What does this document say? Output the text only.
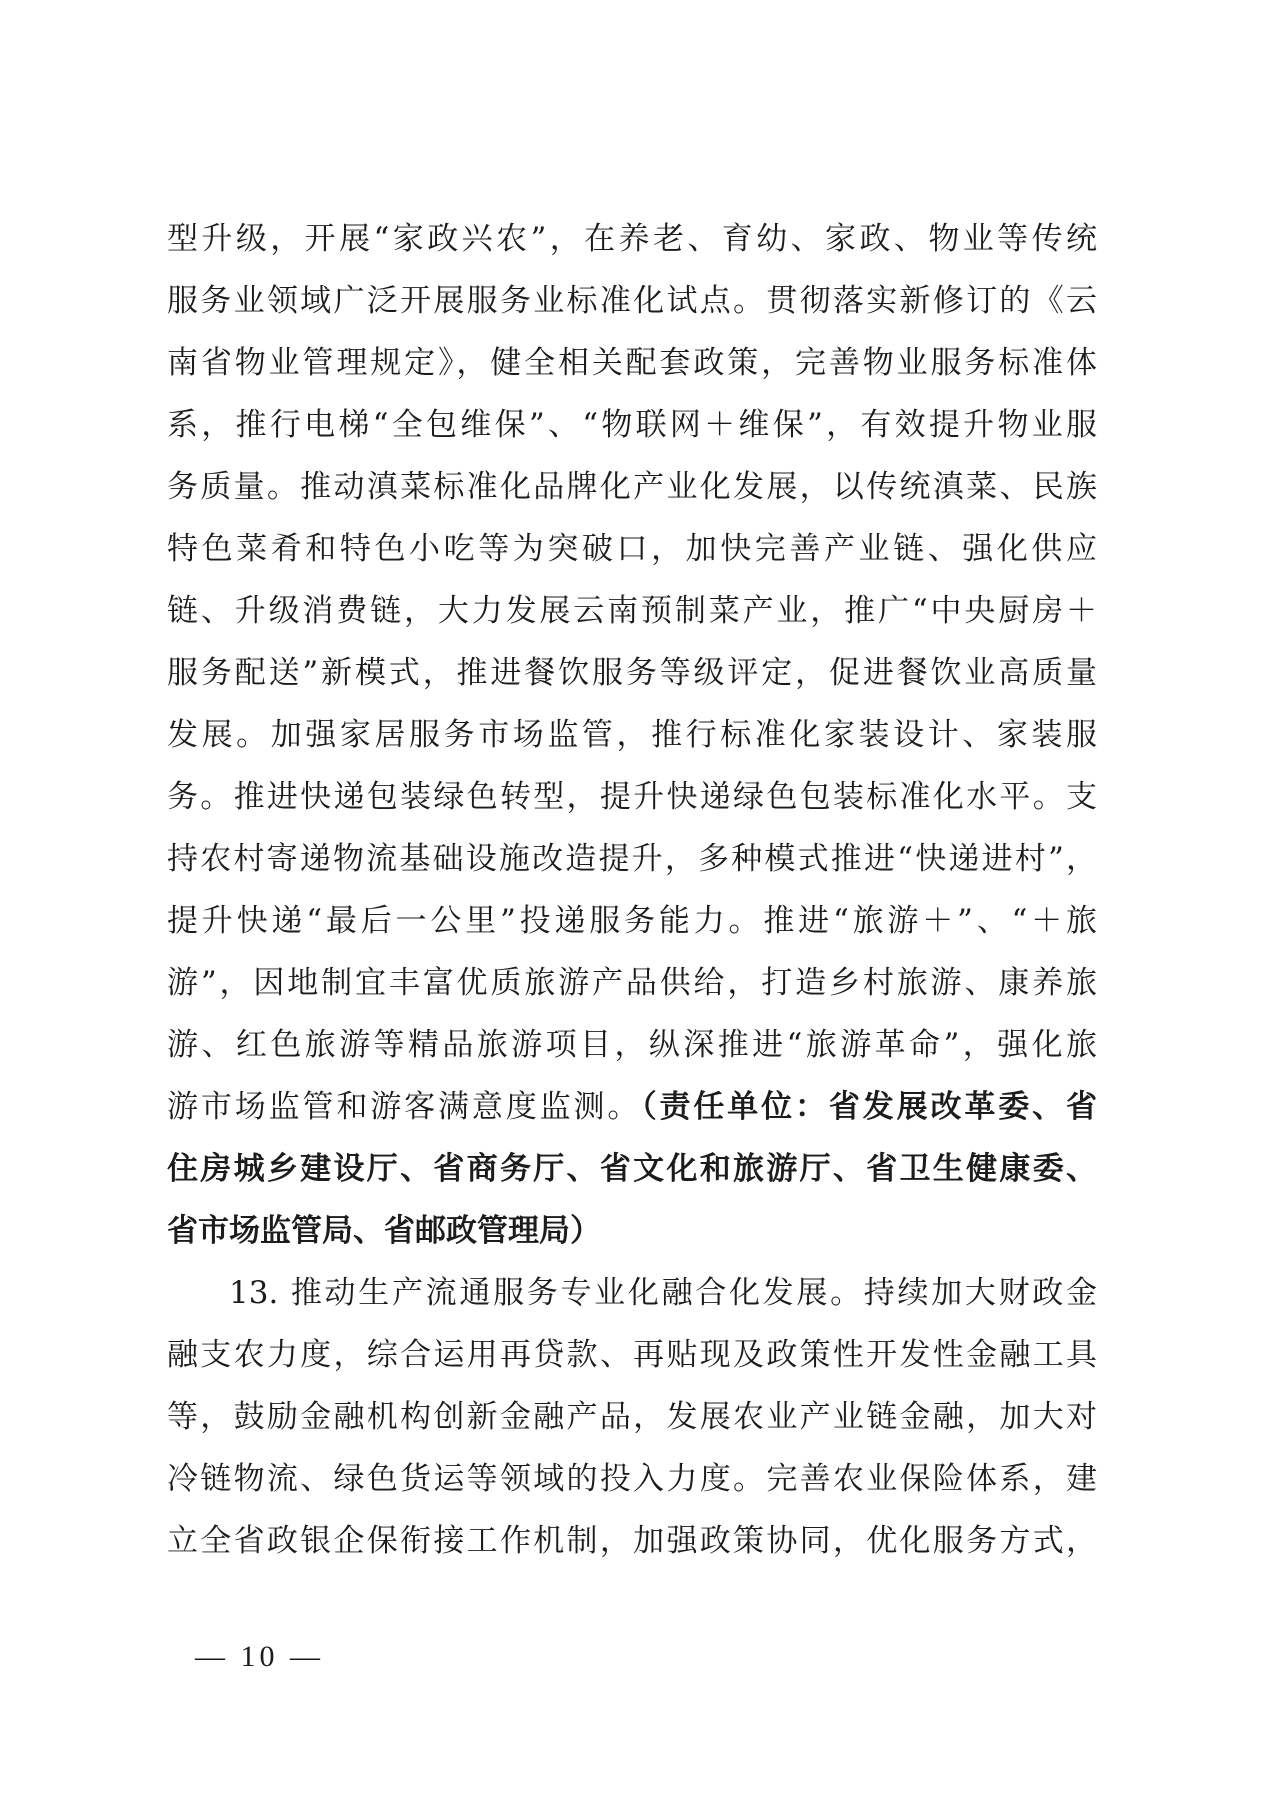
型升级，开展“家政兴农”，在养老、育幼、家政、物业等传统
服务业领域广泛开展服务业标准化试点。贯彻落实新修订的《云
南省物业管理规定》，健全相关配套政策，完善物业服务标准体
系，推行电梯“全包维保”、“物联网＋维保”，有效提升物业服
务质量。推动滇菜标准化品牌化产业化发展，以传统滇菜、民族
特色菜肴和特色小吃等为突破口，加快完善产业链、强化供应
链、升级消费链，大力发展云南预制菜产业，推广“中央厨房＋
服务配送”新模式，推进餐饮服务等级评定，促进餐饮业高质量
发展。加强家居服务市场监管，推行标准化家装设计、家装服
务。推进快递包装绿色转型，提升快递绿色包装标准化水平。支
持农村寄递物流基础设施改造提升，多种模式推进“快递进村”，
提升快递“最后一公里”投递服务能力。推进“旅游＋”、“＋旅
游”，因地制宜丰富优质旅游产品供给，打造乡村旅游、康养旅
游、红色旅游等精品旅游项目，纵深推进“旅游革命”，强化旅
游市场监管和游客满意度监测。（责任单位：省发展改革委、省
住房城乡建设厅、省商务厅、省文化和旅游厅、省卫生健康委、
省市场监管局、省邮政管理局）
13. 推动生产流通服务专业化融合化发展。持续加大财政金
融支农力度，综合运用再贷款、再贴现及政策性开发性金融工具
等，鼓励金融机构创新金融产品，发展农业产业链金融，加大对
冷链物流、绿色货运等领域的投入力度。完善农业保险体系，建
立全省政银企保衔接工作机制，加强政策协同，优化服务方式，
— 10 —
